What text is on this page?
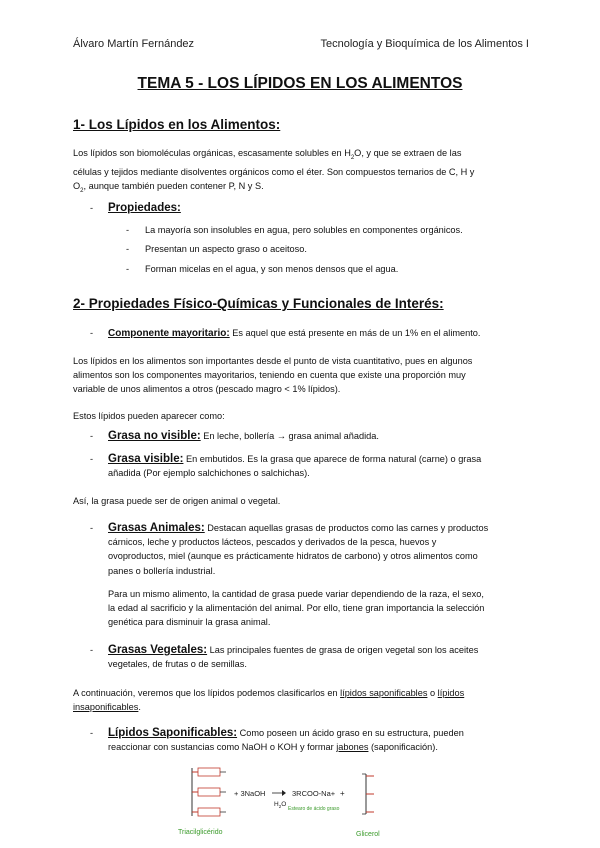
Álvaro Martín Fernández	Tecnología y Bioquímica de los Alimentos I
TEMA 5 - LOS LÍPIDOS EN LOS ALIMENTOS
1- Los Lípidos en los Alimentos:
Los lípidos son biomoléculas orgánicas, escasamente solubles en $H_2O$, y que se extraen de las
células y tejidos mediante disolventes orgánicos como el éter. Son compuestos ternarios de C, H y
$O_2$, aunque también pueden contener P, N y S.
- Propiedades:
- La mayoría son insolubles en agua, pero solubles en componentes orgánicos.
- Presentan un aspecto graso o aceitoso.
- Forman micelas en el agua, y son menos densos que el agua.
2- Propiedades Físico-Químicas y Funcionales de Interés:
- Componente mayoritario: Es aquel que está presente en más de un 1% en el alimento.
Los lípidos en los alimentos son importantes desde el punto de vista cuantitativo, pues en algunos
alimentos son los componentes mayoritarios, teniendo en cuenta que existe una proporción muy
variable de unos alimentos a otros (pescado magro < 1% lípidos).
Estos lípidos pueden aparecer como:
- Grasa no visible: En leche, bollería → grasa animal añadida.
- Grasa visible: En embutidos. Es la grasa que aparece de forma natural (carne) o grasa
añadida (Por ejemplo salchichones o salchichas).
Así, la grasa puede ser de origen animal o vegetal.
- Grasas Animales: Destacan aquellas grasas de productos como las carnes y productos
cárnicos, leche y productos lácteos, pescados y derivados de la pesca, huevos y
ovoproductos, miel (aunque es prácticamente hidratos de carbono) y otros alimentos como
panes o bollería industrial.
Para un mismo alimento, la cantidad de grasa puede variar dependiendo de la raza, el sexo,
la edad al sacrificio y la alimentación del animal. Por ello, tiene gran importancia la selección
genética para disminuir la grasa animal.
- Grasas Vegetales: Las principales fuentes de grasa de origen vegetal son los aceites
vegetales, de frutas o de semillas.
A continuación, veremos que los lípidos podemos clasificarlos en lípidos saponificables o lípidos
insaponificables.
- Lípidos Saponificables: Como poseen un ácido graso en su estructura, pueden
reaccionar con sustancias como NaOH o KOH y formar jabones (saponificación).
Triacilglicérido
+ 3NaOH
$H_2O$
3RCOO-Na+
Estearo de ácido graso
+
Glicerol
